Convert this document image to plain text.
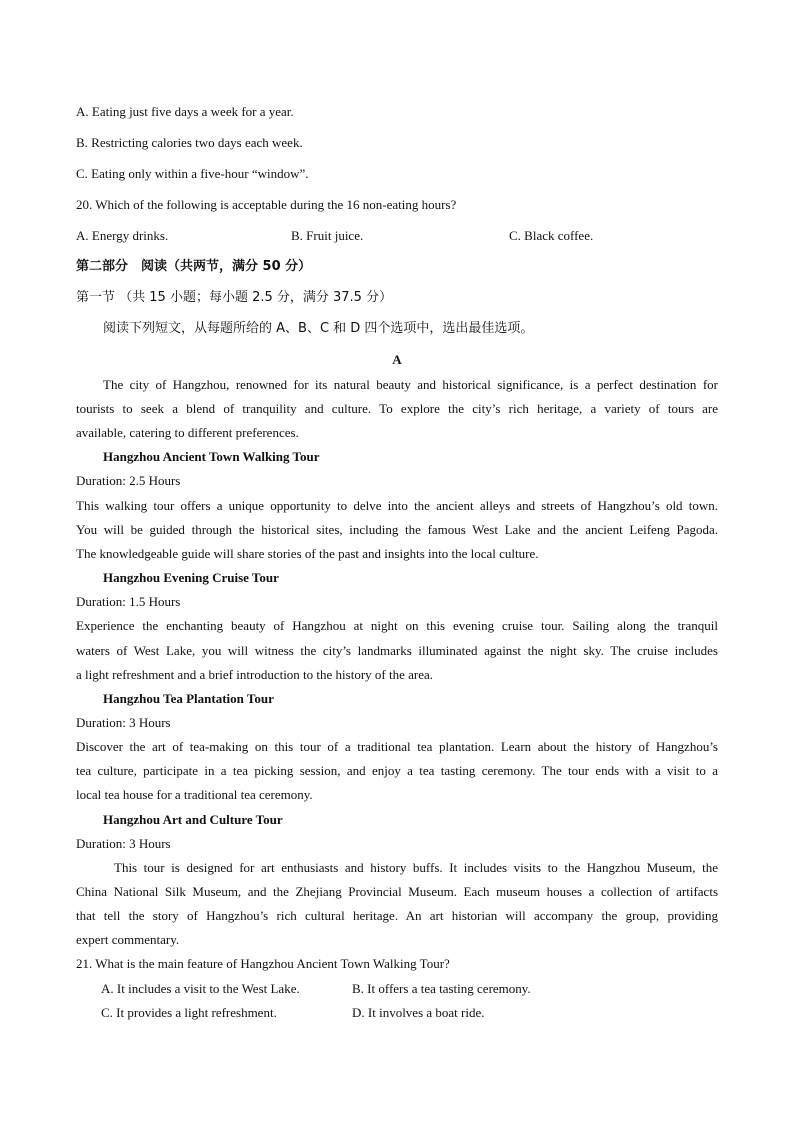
A. Eating just five days a week for a year.
B. Restricting calories two days each week.
C. Eating only within a five-hour “window”.
20. Which of the following is acceptable during the 16 non-eating hours?
A. Energy drinks.	B. Fruit juice.	C. Black coffee.
第二部分　阅读（共两节，满分 50 分）
第一节 （共 15 小题；每小题 2.5 分，满分 37.5 分）
阅读下列短文，从每题所给的 A、B、C 和 D 四个选项中，选出最佳选项。
A
The city of Hangzhou, renowned for its natural beauty and historical significance, is a perfect destination for
tourists to seek a blend of tranquility and culture. To explore the city’s rich heritage, a variety of tours are
available, catering to different preferences.
Hangzhou Ancient Town Walking Tour
Duration: 2.5 Hours
This walking tour offers a unique opportunity to delve into the ancient alleys and streets of Hangzhou’s old town.
You will be guided through the historical sites, including the famous West Lake and the ancient Leifeng Pagoda.
The knowledgeable guide will share stories of the past and insights into the local culture.
Hangzhou Evening Cruise Tour
Duration: 1.5 Hours
Experience the enchanting beauty of Hangzhou at night on this evening cruise tour. Sailing along the tranquil
waters of West Lake, you will witness the city’s landmarks illuminated against the night sky. The cruise includes
a light refreshment and a brief introduction to the history of the area.
Hangzhou Tea Plantation Tour
Duration: 3 Hours
Discover the art of tea-making on this tour of a traditional tea plantation. Learn about the history of Hangzhou’s
tea culture, participate in a tea picking session, and enjoy a tea tasting ceremony. The tour ends with a visit to a
local tea house for a traditional tea ceremony.
Hangzhou Art and Culture Tour
Duration: 3 Hours
This tour is designed for art enthusiasts and history buffs. It includes visits to the Hangzhou Museum, the
China National Silk Museum, and the Zhejiang Provincial Museum. Each museum houses a collection of artifacts
that tell the story of Hangzhou’s rich cultural heritage. An art historian will accompany the group, providing
expert commentary.
21. What is the main feature of Hangzhou Ancient Town Walking Tour?
A. It includes a visit to the West Lake.	B. It offers a tea tasting ceremony.
C. It provides a light refreshment.	D. It involves a boat ride.
